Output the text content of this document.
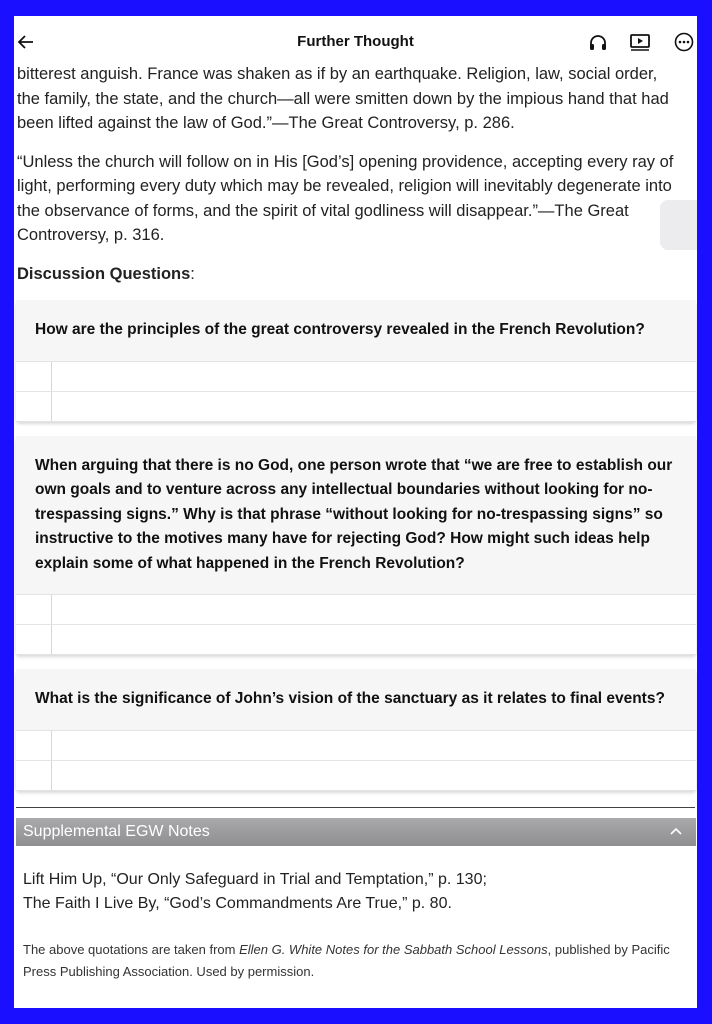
Further Thought

bitterest anguish. France was shaken as if by an earthquake. Religion, law, social order, the family, the state, and the church—all were smitten down by the impious hand that had been lifted against the law of God.”—The Great Controversy, p. 286.

“Unless the church will follow on in His [God’s] opening providence, accepting every ray of light, performing every duty which may be revealed, religion will inevitably degenerate into the observance of forms, and the spirit of vital godliness will disappear.”—The Great Controversy, p. 316.

Discussion Questions:

How are the principles of the great controversy revealed in the French Revolution?
When arguing that there is no God, one person wrote that “we are free to establish our own goals and to venture across any intellectual boundaries without looking for no-trespassing signs.” Why is that phrase “without looking for no-trespassing signs” so instructive to the motives many have for rejecting God? How might such ideas help explain some of what happened in the French Revolution?
What is the significance of John’s vision of the sanctuary as it relates to final events?
Supplemental EGW Notes
Lift Him Up, “Our Only Safeguard in Trial and Temptation,” p. 130;
The Faith I Live By, “God’s Commandments Are True,” p. 80.
The above quotations are taken from Ellen G. White Notes for the Sabbath School Lessons, published by Pacific Press Publishing Association. Used by permission.
